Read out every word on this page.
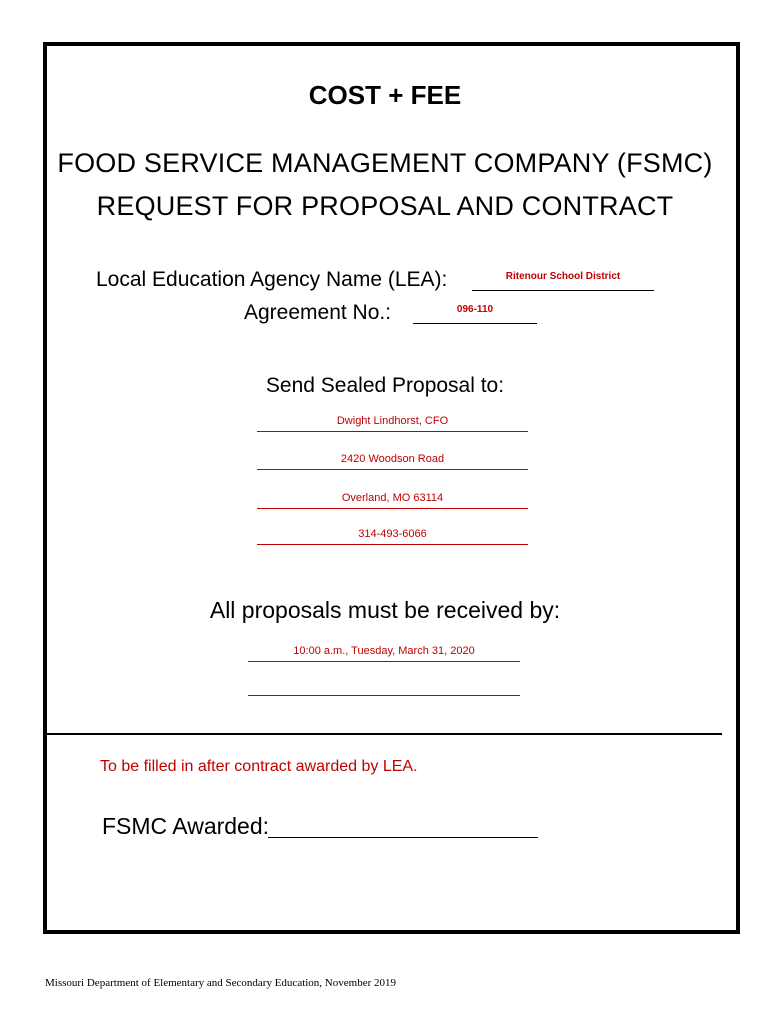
COST + FEE
FOOD SERVICE MANAGEMENT COMPANY (FSMC)
REQUEST FOR PROPOSAL AND CONTRACT
Local Education Agency Name (LEA):	Ritenour School District
Agreement No.:	096-110
Send Sealed Proposal to:
Dwight Lindhorst, CFO
2420 Woodson Road
Overland, MO 63114
314-493-6066
All proposals must be received by:
10:00 a.m., Tuesday, March 31, 2020
To be filled in after contract awarded by LEA.
FSMC Awarded:
Missouri Department of Elementary and Secondary Education, November 2019
